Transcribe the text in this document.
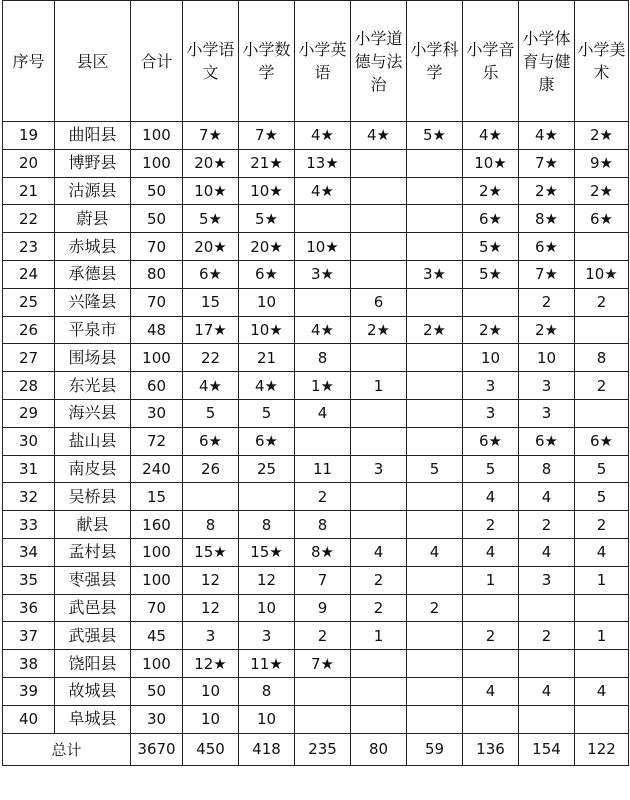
序号	县区	合计	小学语文	小学数学	小学英语	小学道德与法治	小学科学	小学音乐	小学体育与健康	小学美术
19	曲阳县	100	7★	7★	4★	4★	5★	4★	4★	2★
20	博野县	100	20★	21★	13★			10★	7★	9★
21	沽源县	50	10★	10★	4★			2★	2★	2★
22	蔚县	50	5★	5★				6★	8★	6★
23	赤城县	70	20★	20★	10★			5★	6★	
24	承德县	80	6★	6★	3★		3★	5★	7★	10★
25	兴隆县	70	15	10		6			2	2
26	平泉市	48	17★	10★	4★	2★	2★	2★	2★	
27	围场县	100	22	21	8			10	10	8
28	东光县	60	4★	4★	1★	1		3	3	2
29	海兴县	30	5	5	4			3	3	
30	盐山县	72	6★	6★				6★	6★	6★
31	南皮县	240	26	25	11	3	5	5	8	5
32	吴桥县	15			2			4	4	5
33	献县	160	8	8	8			2	2	2
34	孟村县	100	15★	15★	8★	4	4	4	4	4
35	枣强县	100	12	12	7	2		1	3	1
36	武邑县	70	12	10	9	2	2			
37	武强县	45	3	3	2	1		2	2	1
38	饶阳县	100	12★	11★	7★					
39	故城县	50	10	8				4	4	4
40	阜城县	30	10	10						
总计		3670	450	418	235	80	59	136	154	122
